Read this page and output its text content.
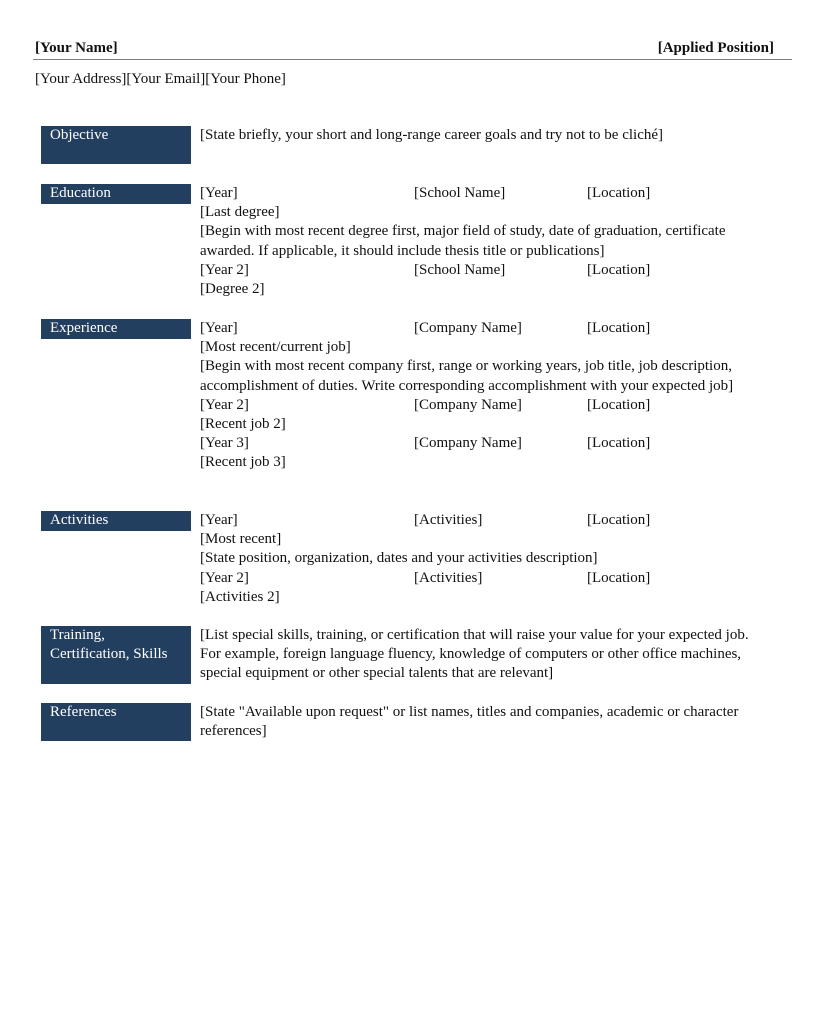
[Your Name]	[Applied Position]
[Your Address][Your Email][Your Phone]
Objective	[State briefly, your short and long-range career goals and try not to be cliché]
Education	[Year]	[School Name]	[Location]
[Last degree]
[Begin with most recent degree first, major field of study, date of graduation, certificate awarded. If applicable, it should include thesis title or publications]
[Year 2]	[School Name]	[Location]
[Degree 2]
Experience	[Year]	[Company Name]	[Location]
[Most recent/current job]
[Begin with most recent company first, range or working years, job title, job description, accomplishment of duties. Write corresponding accomplishment with your expected job]
[Year 2]	[Company Name]	[Location]
[Recent job 2]
[Year 3]	[Company Name]	[Location]
[Recent job 3]
Activities	[Year]	[Activities]	[Location]
[Most recent]
[State position, organization, dates and your activities description]
[Year 2]	[Activities]	[Location]
[Activities 2]
Training,
Certification, Skills
[List special skills, training, or certification that will raise your value for your expected job. For example, foreign language fluency, knowledge of computers or other office machines, special equipment or other special talents that are relevant]
References	[State "Available upon request" or list names, titles and companies, academic or character references]
